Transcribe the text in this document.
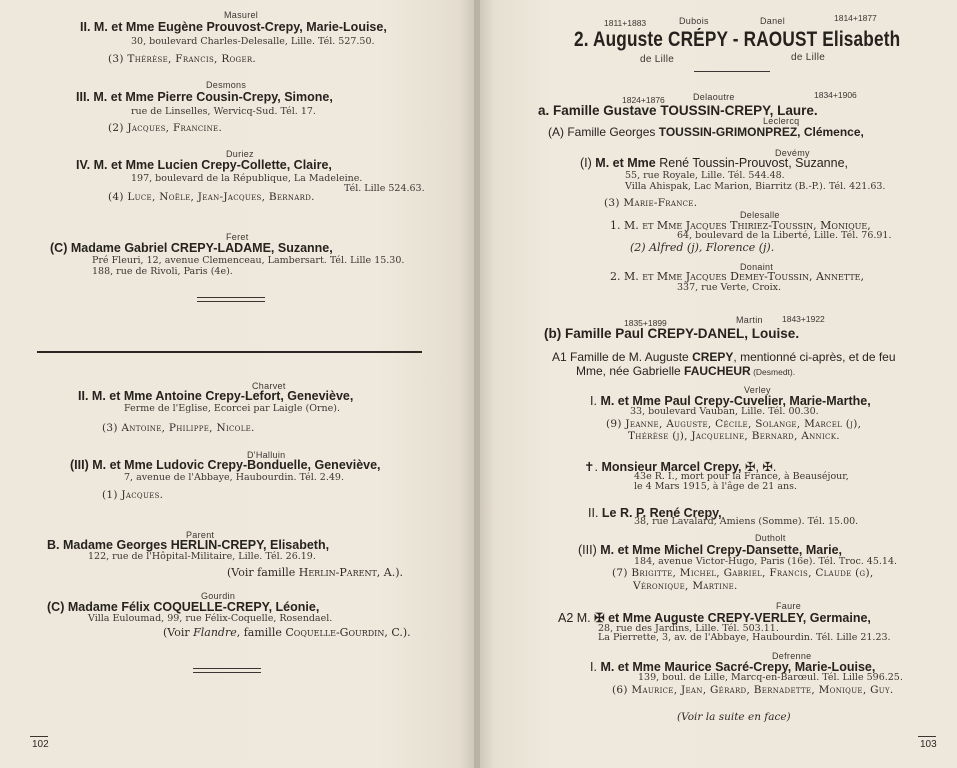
Masurel
II. M. et Mme Eugène Prouvost-Crepy, Marie-Louise,
30, boulevard Charles-Delesalle, Lille. Tél. 527.50.
(3) Thérèse, Francis, Roger.
Desmons
III. M. et Mme Pierre Cousin-Crepy, Simone,
rue de Linselles, Wervicq-Sud. Tél. 17.
(2) Jacques, Francine.
Duriez
IV. M. et Mme Lucien Crepy-Collette, Claire,
197, boulevard de la République, La Madeleine.
Tél. Lille 524.63.
(4) Luce, Noële, Jean-Jacques, Bernard.
Feret
(C) Madame Gabriel CREPY-LADAME, Suzanne,
Pré Fleuri, 12, avenue Clemenceau, Lambersart. Tél. Lille 15.30.
188, rue de Rivoli, Paris (4e).
Charvet
II. M. et Mme Antoine Crepy-Lefort, Geneviève,
Ferme de l'Eglise, Ecorcei par Laigle (Orne).
(3) Antoine, Philippe, Nicole.
D'Halluin
(III) M. et Mme Ludovic Crepy-Bonduelle, Geneviève,
7, avenue de l'Abbaye, Haubourdin. Tél. 2.49.
(1) Jacques.
Parent
B. Madame Georges HERLIN-CREPY, Elisabeth,
122, rue de l'Hôpital-Militaire, Lille. Tél. 26.19.
(Voir famille Herlin-Parent, A.).
Gourdin
(C) Madame Félix COQUELLE-CREPY, Léonie,
Villa Euloumad, 99, rue Félix-Coquelle, Rosendael.
(Voir Flandre, famille Coquelle-Gourdin, C.).
102
1811+1883	Dubois	Danel	1814+1877
2. Auguste CRÉPY - RAOUST Elisabeth
de Lille	de Lille
1824+1876	Delaoutre	1834+1906
a. Famille Gustave TOUSSIN-CREPY, Laure.
Leclercq
(A) Famille Georges TOUSSIN-GRIMONPREZ, Clémence,
Devémy
(I) M. et Mme René Toussin-Prouvost, Suzanne,
55, rue Royale, Lille. Tél. 544.48.
Villa Ahispak, Lac Marion, Biarritz (B.-P.). Tél. 421.63.
(3) Marie-France.
Delesalle
1. M. et Mme Jacques Thiriez-Toussin, Monique,
64, boulevard de la Liberté, Lille. Tél. 76.91.
(2) Alfred (j), Florence (j).
Donaint
2. M. et Mme Jacques Demey-Toussin, Annette,
337, rue Verte, Croix.
1835+1899	Martin 1843+1922
(b) Famille Paul CREPY-DANEL, Louise.
A1 Famille de M. Auguste CREPY, mentionné ci-après, et de feu
Mme, née Gabrielle FAUCHEUR (Desmedt).
Verley
I. M. et Mme Paul Crepy-Cuvelier, Marie-Marthe,
33, boulevard Vauban, Lille. Tél. 00.30.
(9) Jeanne, Auguste, Cécile, Solange, Marcel (j),
Thérèse (j), Jacqueline, Bernard, Annick.
✝. Monsieur Marcel Crepy, ✠, ✠.
43e R. I., mort pour la France, à Beauséjour,
le 4 Mars 1915, à l'âge de 21 ans.
II. Le R. P. René Crepy,
38, rue Lavalard, Amiens (Somme). Tél. 15.00.
Dutholt
(III) M. et Mme Michel Crepy-Dansette, Marie,
184, avenue Victor-Hugo, Paris (16e). Tél. Troc. 45.14.
(7) Brigitte, Michel, Gabriel, Francis, Claude (g),
Véronique, Martine.
Faure
A2 M. ✠ et Mme Auguste CREPY-VERLEY, Germaine,
28, rue des Jardins, Lille. Tél. 503.11.
La Pierrette, 3, av. de l'Abbaye, Haubourdin. Tél. Lille 21.23.
Defrenne
I. M. et Mme Maurice Sacré-Crepy, Marie-Louise,
139, boul. de Lille, Marcq-en-Barœul. Tél. Lille 596.25.
(6) Maurice, Jean, Gérard, Bernadette, Monique, Guy.
(Voir la suite en face)
103
